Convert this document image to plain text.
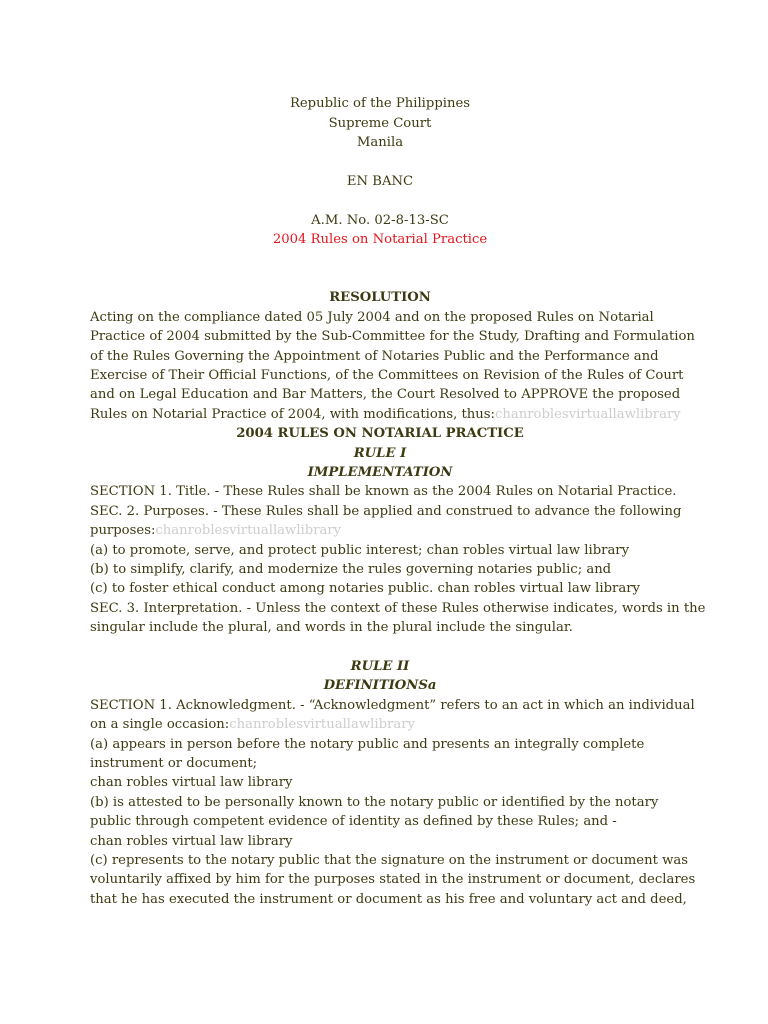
Republic of the Philippines
Supreme Court
Manila
EN BANC
A.M. No. 02-8-13-SC
2004 Rules on Notarial Practice
RESOLUTION
Acting on the compliance dated 05 July 2004 and on the proposed Rules on Notarial
Practice of 2004 submitted by the Sub-Committee for the Study, Drafting and Formulation
of the Rules Governing the Appointment of Notaries Public and the Performance and
Exercise of Their Official Functions, of the Committees on Revision of the Rules of Court
and on Legal Education and Bar Matters, the Court Resolved to APPROVE the proposed
Rules on Notarial Practice of 2004, with modifications, thus:chanroblesvirtuallawlibrary
2004 RULES ON NOTARIAL PRACTICE
RULE I
IMPLEMENTATION
SECTION 1. Title. - These Rules shall be known as the 2004 Rules on Notarial Practice.
SEC. 2. Purposes. - These Rules shall be applied and construed to advance the following
purposes:chanroblesvirtuallawlibrary
(a) to promote, serve, and protect public interest; chan robles virtual law library
(b) to simplify, clarify, and modernize the rules governing notaries public; and
(c) to foster ethical conduct among notaries public. chan robles virtual law library
SEC. 3. Interpretation. - Unless the context of these Rules otherwise indicates, words in the
singular include the plural, and words in the plural include the singular.
RULE II
DEFINITIONSa
SECTION 1. Acknowledgment. - “Acknowledgment” refers to an act in which an individual
on a single occasion:chanroblesvirtuallawlibrary
(a) appears in person before the notary public and presents an integrally complete
instrument or document;
chan robles virtual law library
(b) is attested to be personally known to the notary public or identified by the notary
public through competent evidence of identity as defined by these Rules; and -
chan robles virtual law library
(c) represents to the notary public that the signature on the instrument or document was
voluntarily affixed by him for the purposes stated in the instrument or document, declares
that he has executed the instrument or document as his free and voluntary act and deed,
